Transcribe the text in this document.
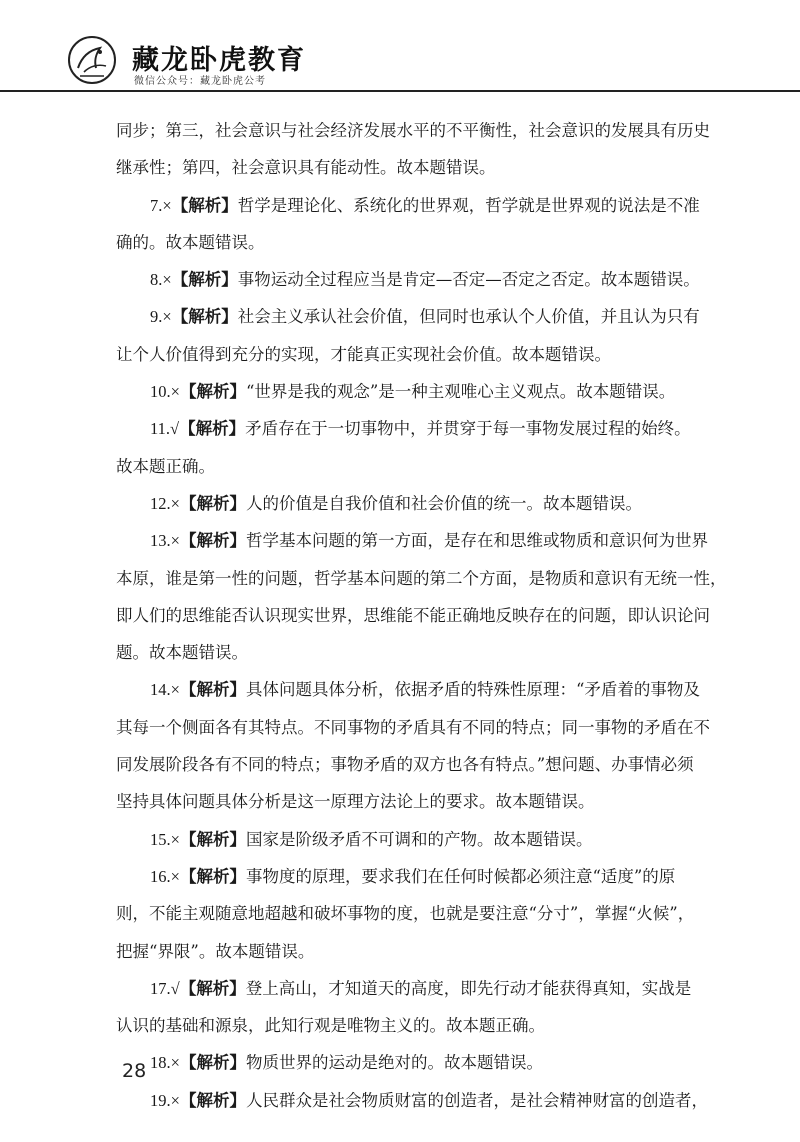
藏龙卧虎教育
微信公众号：藏龙卧虎公考
同步；第三，社会意识与社会经济发展水平的不平衡性，社会意识的发展具有历史
继承性；第四，社会意识具有能动性。故本题错误。
7.×【解析】哲学是理论化、系统化的世界观，哲学就是世界观的说法是不准
确的。故本题错误。
8.×【解析】事物运动全过程应当是肯定—否定—否定之否定。故本题错误。
9.×【解析】社会主义承认社会价值，但同时也承认个人价值，并且认为只有
让个人价值得到充分的实现，才能真正实现社会价值。故本题错误。
10.×【解析】“世界是我的观念”是一种主观唯心主义观点。故本题错误。
11.√【解析】矛盾存在于一切事物中，并贯穿于每一事物发展过程的始终。
故本题正确。
12.×【解析】人的价值是自我价值和社会价值的统一。故本题错误。
13.×【解析】哲学基本问题的第一方面，是存在和思维或物质和意识何为世界
本原，谁是第一性的问题，哲学基本问题的第二个方面，是物质和意识有无统一性，
即人们的思维能否认识现实世界，思维能不能正确地反映存在的问题，即认识论问
题。故本题错误。
14.×【解析】具体问题具体分析，依据矛盾的特殊性原理：“矛盾着的事物及
其每一个侧面各有其特点。不同事物的矛盾具有不同的特点；同一事物的矛盾在不
同发展阶段各有不同的特点；事物矛盾的双方也各有特点。”想问题、办事情必须
坚持具体问题具体分析是这一原理方法论上的要求。故本题错误。
15.×【解析】国家是阶级矛盾不可调和的产物。故本题错误。
16.×【解析】事物度的原理，要求我们在任何时候都必须注意“适度”的原
则，不能主观随意地超越和破坏事物的度，也就是要注意“分寸”，掌握“火候”，
把握“界限”。故本题错误。
17.√【解析】登上高山，才知道天的高度，即先行动才能获得真知，实战是
认识的基础和源泉，此知行观是唯物主义的。故本题正确。
18.×【解析】物质世界的运动是绝对的。故本题错误。
19.×【解析】人民群众是社会物质财富的创造者，是社会精神财富的创造者，
28
